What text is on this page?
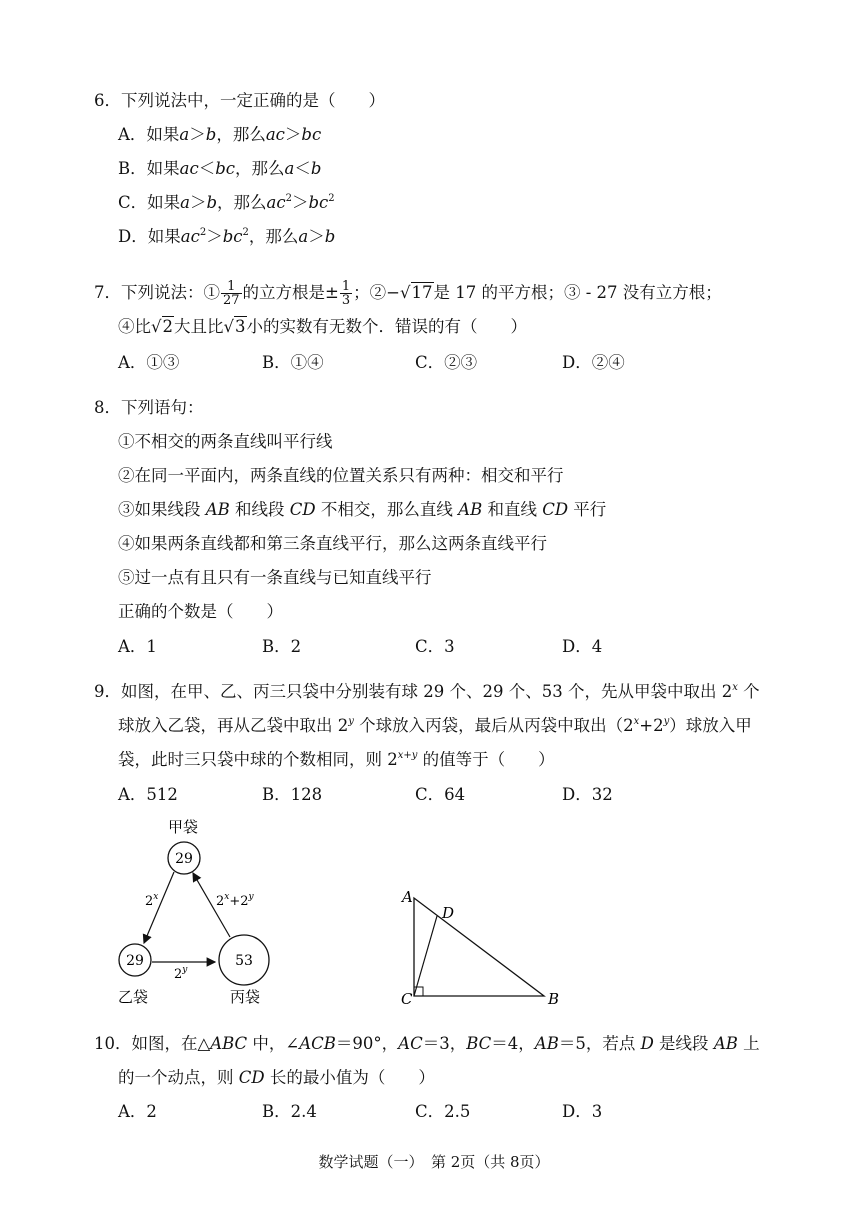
6．下列说法中，一定正确的是（　　）
A．如果a＞b，那么ac＞bc
B．如果ac＜bc，那么a＜b
C．如果a＞b，那么$ac^2>bc^2$
D．如果$ac^2>bc^2$，那么a＞b
7．下列说法：① $\frac{1}{27}$ 的立方根是± $\frac{1}{3}$ ；②−√17是 17 的平方根；③ - 27 没有立方根；
④比√2大且比√3小的实数有无数个．错误的有（　　）
A．①③	B．①④	C．②③	D．②④
8．下列语句：
①不相交的两条直线叫平行线
②在同一平面内，两条直线的位置关系只有两种：相交和平行
③如果线段 AB 和线段 CD 不相交，那么直线 AB 和直线 CD 平行
④如果两条直线都和第三条直线平行，那么这两条直线平行
⑤过一点有且只有一条直线与已知直线平行
正确的个数是（　　）
A．1	B．2	C．3	D．4
9．如图，在甲、乙、丙三只袋中分别装有球 29 个、29 个、53 个，先从甲袋中取出 2$^x$ 个
球放入乙袋，再从乙袋中取出 2$^y$ 个球放入丙袋，最后从丙袋中取出$(2^x+2^y)$球放入甲
袋，此时三只袋中球的个数相同，则 $2^{x+y}$ 的值等于（　　）
A．512	B．128	C．64	D．32
甲袋
29
29
乙袋
53
丙袋
2$^x$
2$^y$
$2^x+2^y$	A
D
C	B
10．如图，在△ABC 中，∠ACB＝90°，AC＝3，BC＝4，AB＝5，若点 D 是线段 AB 上
的一个动点，则 CD 长的最小值为（　　）
A．2	B．2.4	C．2.5	D．3
数学试题（一）　第 2页（共 8页）
